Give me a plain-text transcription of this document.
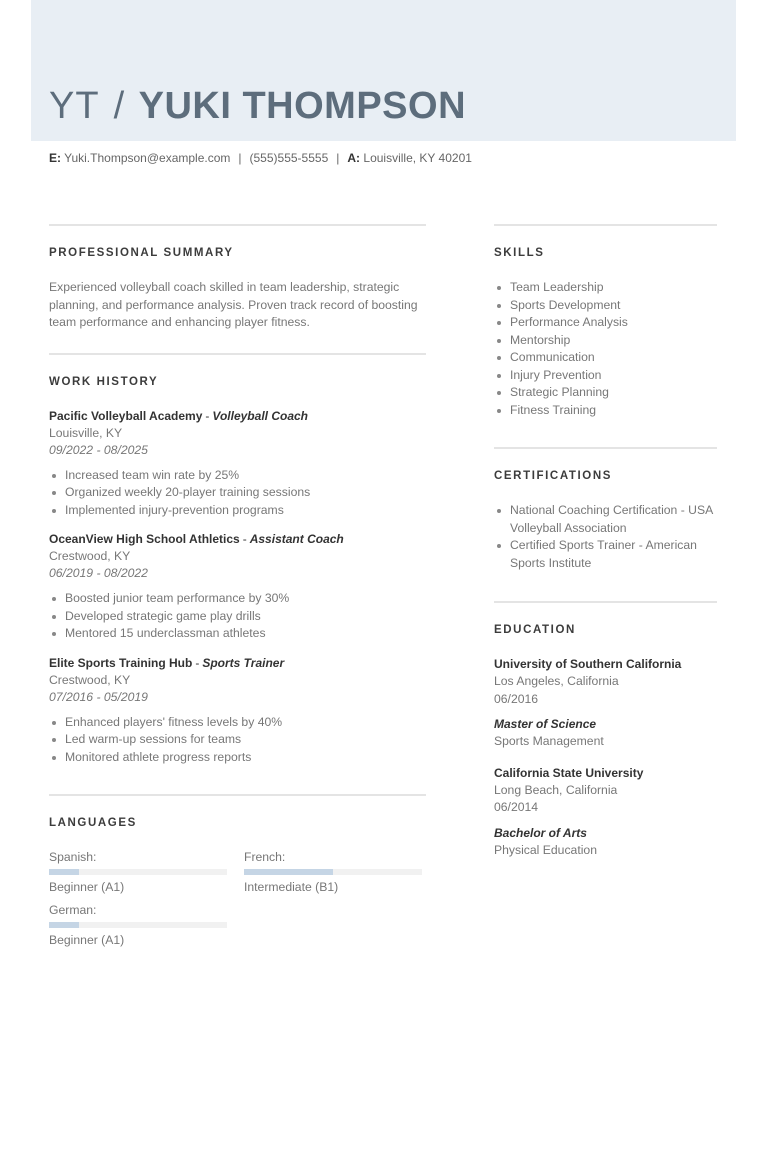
YT / YUKI THOMPSON
E: Yuki.Thompson@example.com | (555)555-5555 | A: Louisville, KY 40201
PROFESSIONAL SUMMARY

Experienced volleyball coach skilled in team leadership, strategic planning, and performance analysis. Proven track record of boosting team performance and enhancing player fitness.

WORK HISTORY

Pacific Volleyball Academy - Volleyball Coach

Louisville, KY

09/2022 - 08/2025

Increased team win rate by 25%
Organized weekly 20-player training sessions
Implemented injury-prevention programs

OceanView High School Athletics - Assistant Coach

Crestwood, KY

06/2019 - 08/2022

Boosted junior team performance by 30%
Developed strategic game play drills
Mentored 15 underclassman athletes

Elite Sports Training Hub - Sports Trainer

Crestwood, KY

07/2016 - 05/2019

Enhanced players' fitness levels by 40%
Led warm-up sessions for teams
Monitored athlete progress reports
LANGUAGES
Spanish:
Beginner (A1)
French:
Intermediate (B1)
German:
Beginner (A1)
SKILLS
Team Leadership
Sports Development
Performance Analysis
Mentorship
Communication
Injury Prevention
Strategic Planning
Fitness Training
CERTIFICATIONS
National Coaching Certification - USA Volleyball Association
Certified Sports Trainer - American Sports Institute
EDUCATION

University of Southern California

Los Angeles, California

06/2016

Master of Science

Sports Management

California State University

Long Beach, California

06/2014

Bachelor of Arts

Physical Education
